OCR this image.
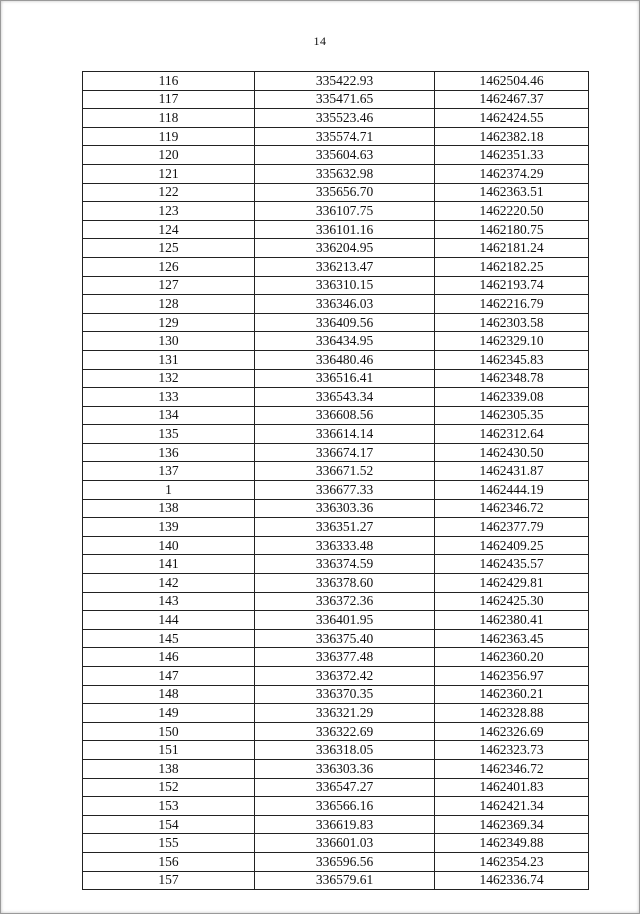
14
116	335422.93	1462504.46
117	335471.65	1462467.37
118	335523.46	1462424.55
119	335574.71	1462382.18
120	335604.63	1462351.33
121	335632.98	1462374.29
122	335656.70	1462363.51
123	336107.75	1462220.50
124	336101.16	1462180.75
125	336204.95	1462181.24
126	336213.47	1462182.25
127	336310.15	1462193.74
128	336346.03	1462216.79
129	336409.56	1462303.58
130	336434.95	1462329.10
131	336480.46	1462345.83
132	336516.41	1462348.78
133	336543.34	1462339.08
134	336608.56	1462305.35
135	336614.14	1462312.64
136	336674.17	1462430.50
137	336671.52	1462431.87
1	336677.33	1462444.19
138	336303.36	1462346.72
139	336351.27	1462377.79
140	336333.48	1462409.25
141	336374.59	1462435.57
142	336378.60	1462429.81
143	336372.36	1462425.30
144	336401.95	1462380.41
145	336375.40	1462363.45
146	336377.48	1462360.20
147	336372.42	1462356.97
148	336370.35	1462360.21
149	336321.29	1462328.88
150	336322.69	1462326.69
151	336318.05	1462323.73
138	336303.36	1462346.72
152	336547.27	1462401.83
153	336566.16	1462421.34
154	336619.83	1462369.34
155	336601.03	1462349.88
156	336596.56	1462354.23
157	336579.61	1462336.74
